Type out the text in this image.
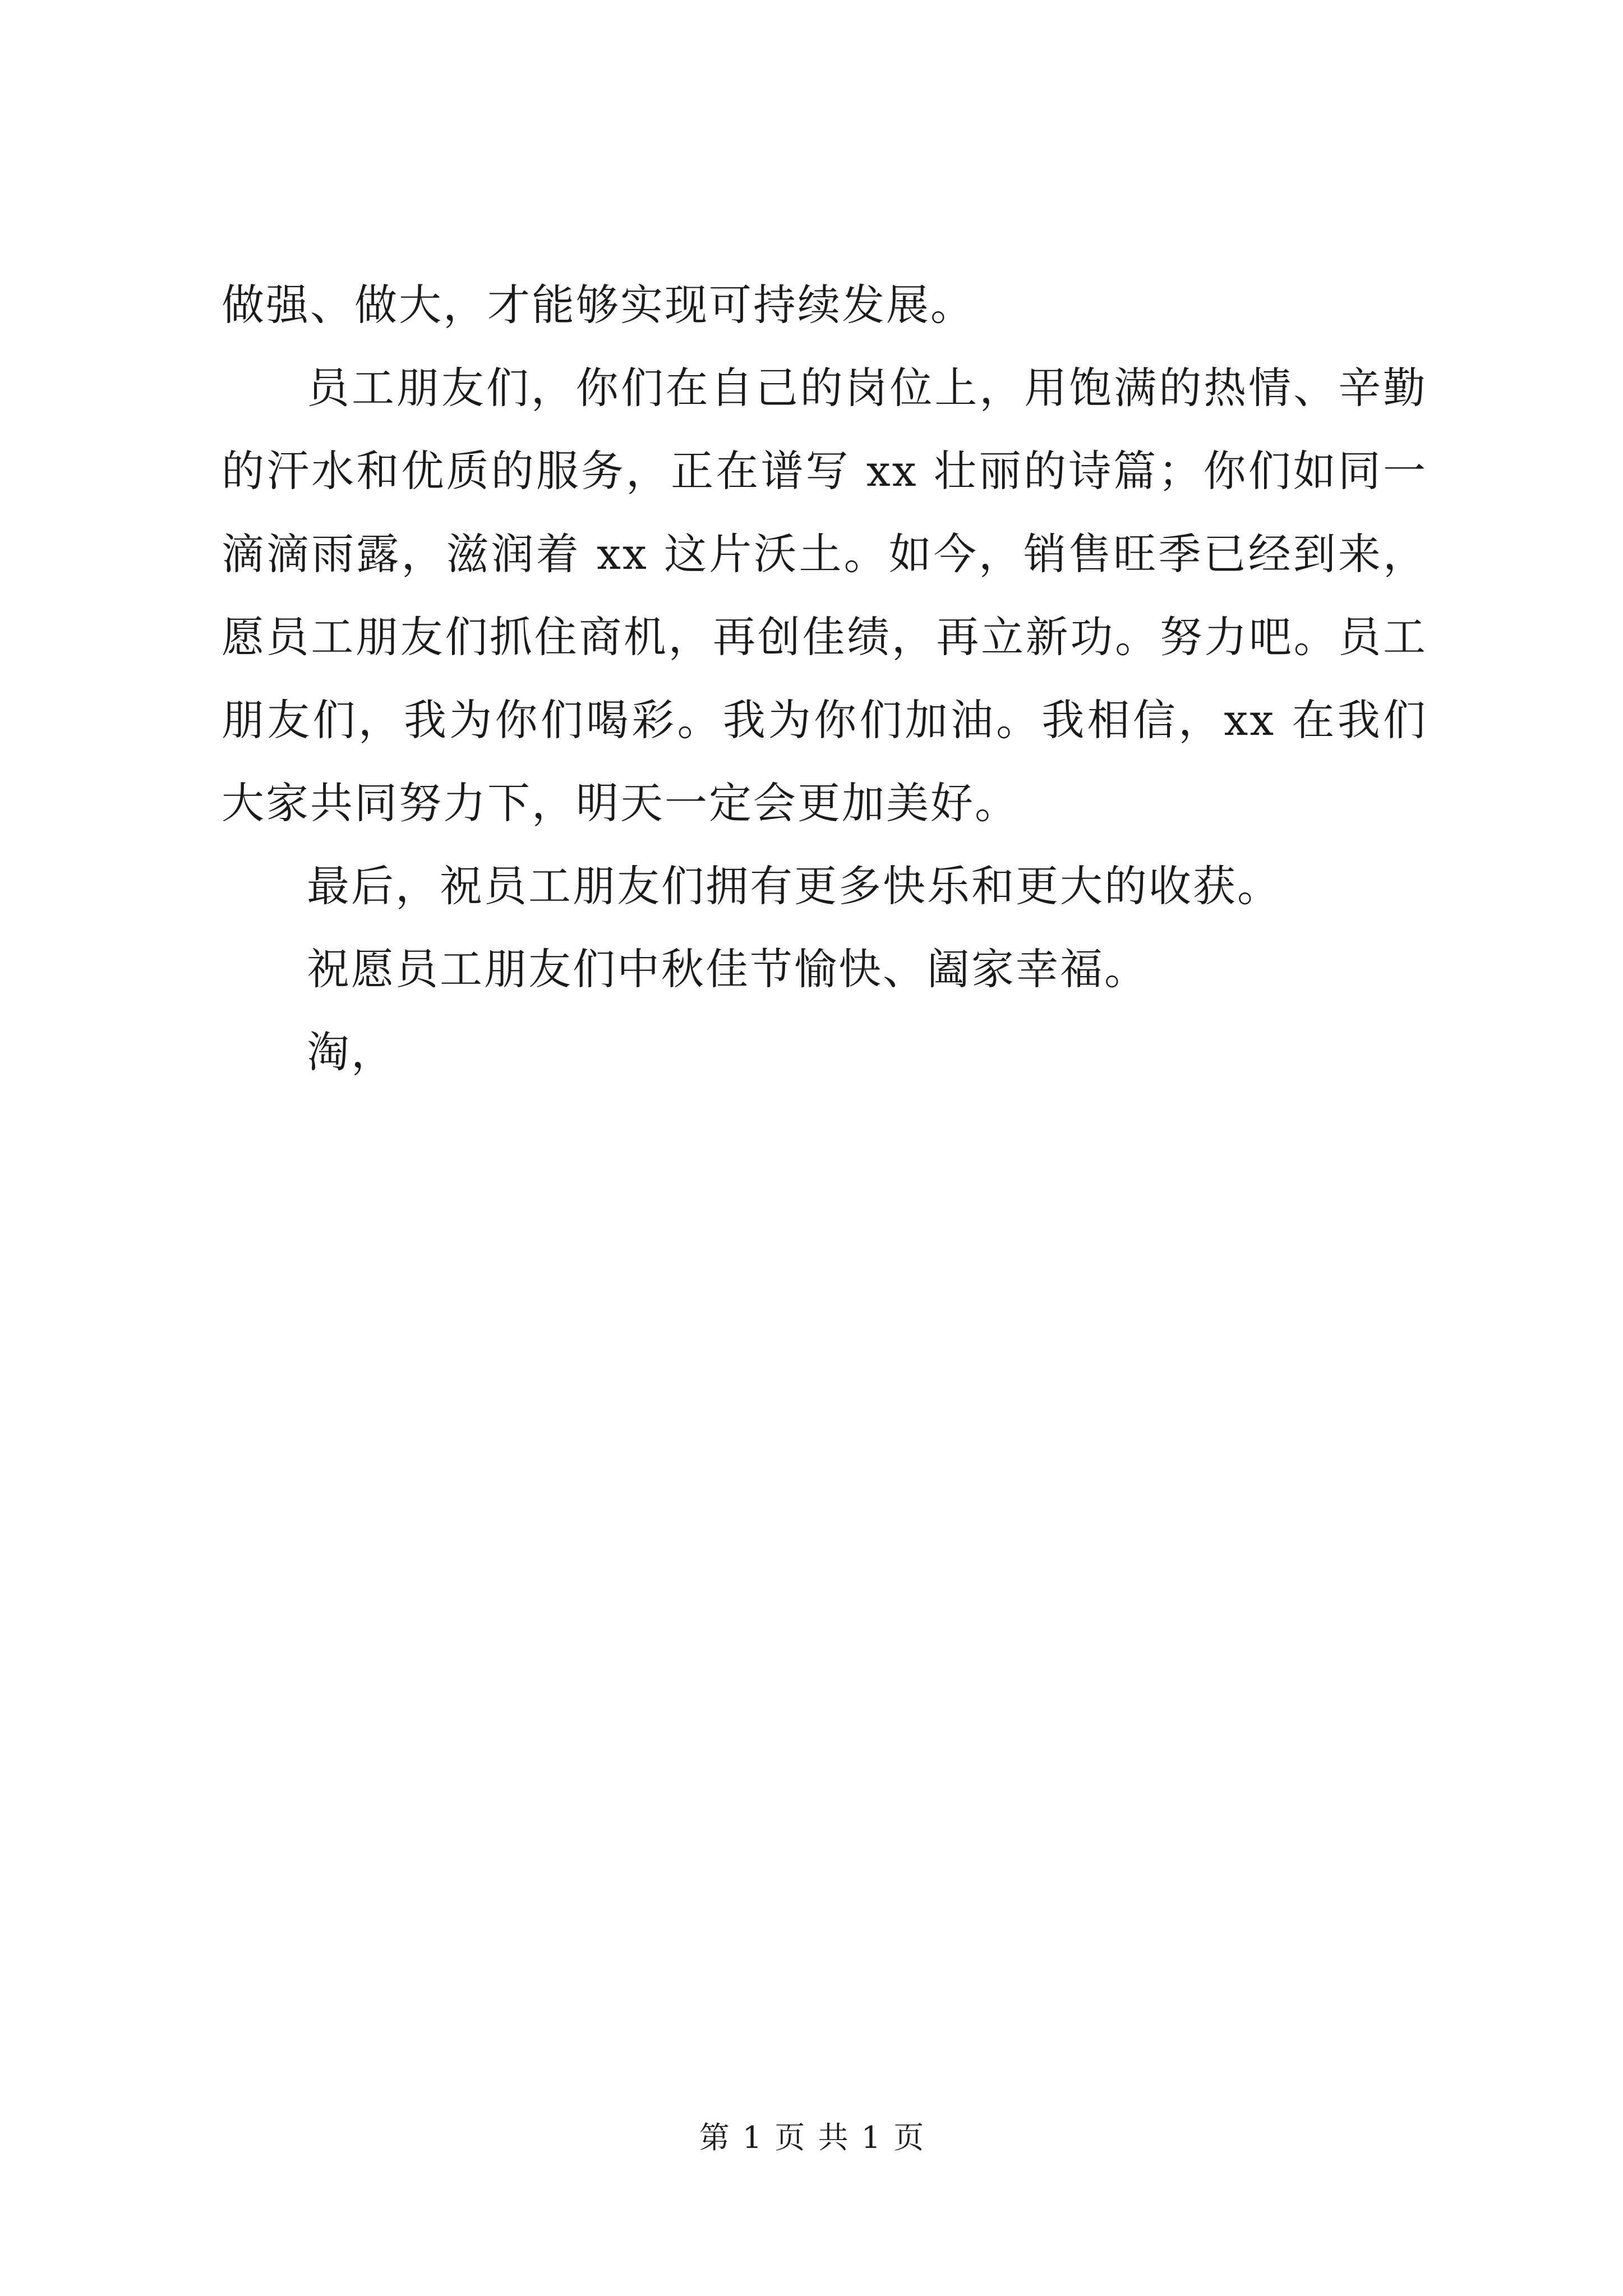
做强、做大，才能够实现可持续发展。

员工朋友们，你们在自己的岗位上，用饱满的热情、辛勤的汗水和优质的服务，正在谱写 xx 壮丽的诗篇；你们如同一滴滴雨露，滋润着 xx 这片沃土。如今，销售旺季已经到来，愿员工朋友们抓住商机，再创佳绩，再立新功。努力吧。员工朋友们，我为你们喝彩。我为你们加油。我相信，xx 在我们大家共同努力下，明天一定会更加美好。

最后，祝员工朋友们拥有更多快乐和更大的收获。

祝愿员工朋友们中秋佳节愉快、阖家幸福。

淘，

第 1 页 共 1 页
